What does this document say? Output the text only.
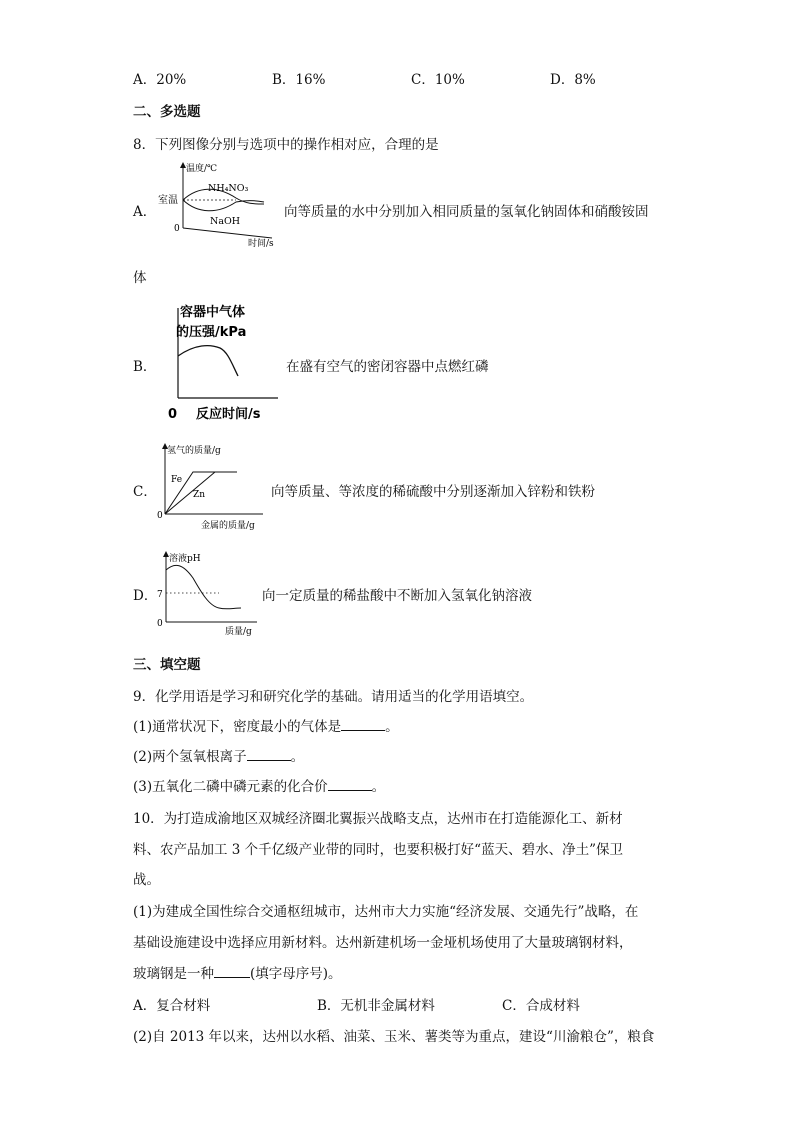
A．20%	B．16%	C．10%	D．8%
二、多选题
8．下列图像分别与选项中的操作相对应，合理的是
A．
温度/℃
室温
0
时间/s
NH₄NO₃
NaOH
向等质量的水中分别加入相同质量的氢氧化钠固体和硝酸铵固
体
B．
容器中气体
的压强/kPa
0 反应时间/s
在盛有空气的密闭容器中点燃红磷
C．
氢气的质量/g
Fe
Zn
0
金属的质量/g
向等质量、等浓度的稀硫酸中分别逐渐加入锌粉和铁粉
D．
溶液pH
7
0
质量/g
向一定质量的稀盐酸中不断加入氢氧化钠溶液
三、填空题
9．化学用语是学习和研究化学的基础。请用适当的化学用语填空。
(1)通常状况下，密度最小的气体是	。
(2)两个氢氧根离子	。
(3)五氧化二磷中磷元素的化合价	。
10．为打造成渝地区双城经济圈北翼振兴战略支点，达州市在打造能源化工、新材
料、农产品加工 3 个千亿级产业带的同时，也要积极打好“蓝天、碧水、净土”保卫
战。
(1)为建成全国性综合交通枢纽城市，达州市大力实施“经济发展、交通先行”战略，在
基础设施建设中选择应用新材料。达州新建机场一金垭机场使用了大量玻璃钢材料，
玻璃钢是一种	(填字母序号)。
A．复合材料	B．无机非金属材料	C．合成材料
(2)自 2013 年以来，达州以水稻、油菜、玉米、薯类等为重点，建设“川渝粮仓”，粮食
